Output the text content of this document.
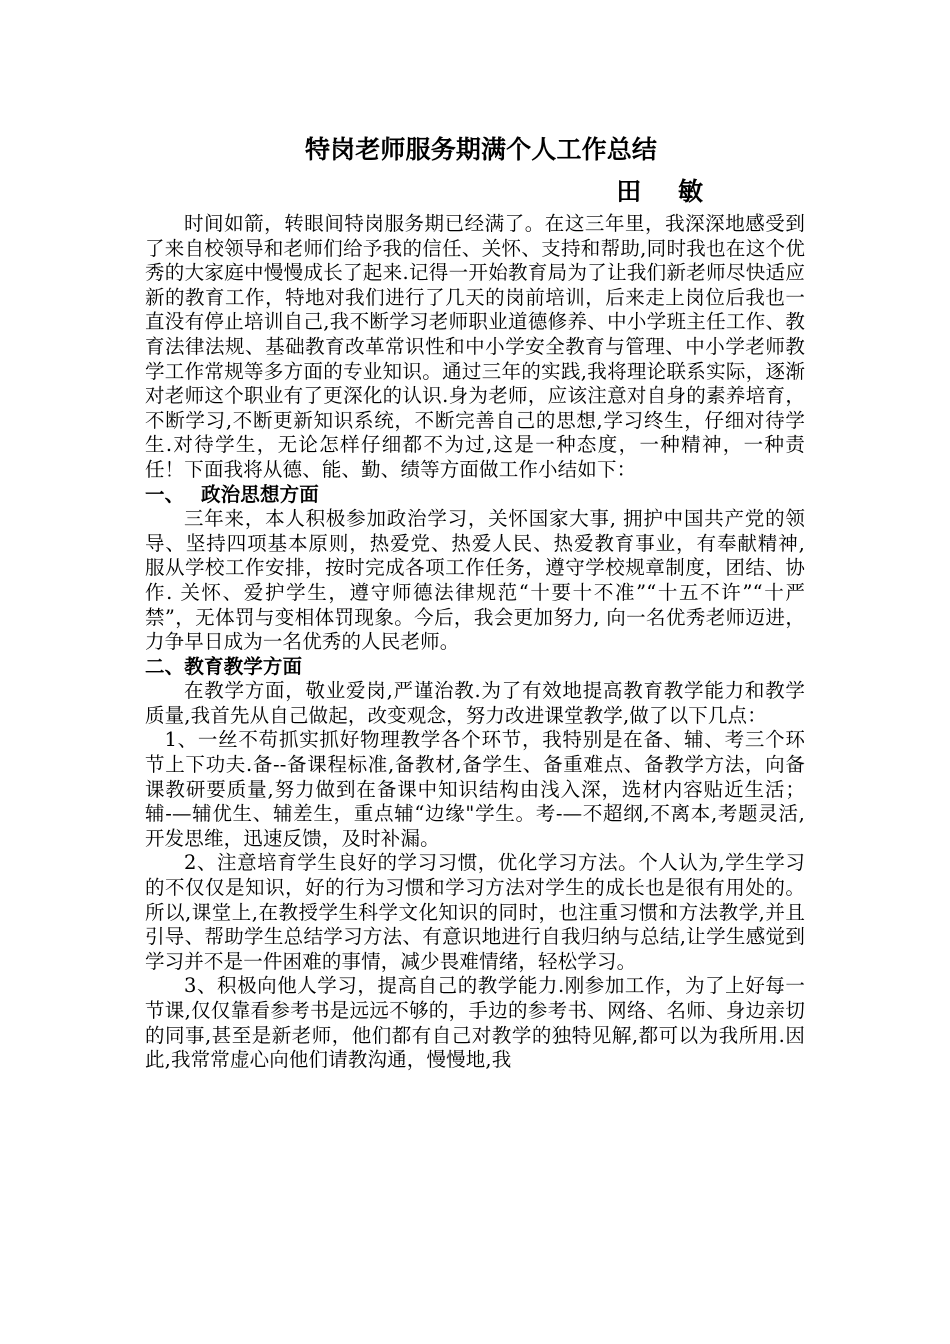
特岗老师服务期满个人工作总结
田 敏

时间如箭，转眼间特岗服务期已经满了。在这三年里，我深深地感受到了来自校领导和老师们给予我的信任、关怀、支持和帮助,同时我也在这个优秀的大家庭中慢慢成长了起来.记得一开始教育局为了让我们新老师尽快适应新的教育工作，特地对我们进行了几天的岗前培训，后来走上岗位后我也一直没有停止培训自己,我不断学习老师职业道德修养、中小学班主任工作、教育法律法规、基础教育改革常识性和中小学安全教育与管理、中小学老师教学工作常规等多方面的专业知识。通过三年的实践,我将理论联系实际，逐渐对老师这个职业有了更深化的认识.身为老师，应该注意对自身的素养培育，不断学习,不断更新知识系统，不断完善自己的思想,学习终生，仔细对待学生.对待学生，无论怎样仔细都不为过,这是一种态度，一种精神，一种责任！下面我将从德、能、勤、绩等方面做工作小结如下：

一、 政治思想方面

三年来，本人积极参加政治学习，关怀国家大事, 拥护中国共产党的领导、坚持四项基本原则，热爱党、热爱人民、热爱教育事业，有奉献精神, 服从学校工作安排，按时完成各项工作任务，遵守学校规章制度，团结、协作. 关怀、爱护学生，遵守师德法律规范“十要十不准”“十五不许”“十严禁”，无体罚与变相体罚现象。今后，我会更加努力, 向一名优秀老师迈进，力争早日成为一名优秀的人民老师。

二、教育教学方面

在教学方面，敬业爱岗,严谨治教.为了有效地提高教育教学能力和教学质量,我首先从自己做起，改变观念，努力改进课堂教学,做了以下几点：

1、一丝不苟抓实抓好物理教学各个环节，我特别是在备、辅、考三个环节上下功夫.备--备课程标准,备教材,备学生、备重难点、备教学方法，向备课教研要质量,努力做到在备课中知识结构由浅入深，选材内容贴近生活；辅-—辅优生、辅差生，重点辅“边缘"学生。考-—不超纲,不离本,考题灵活,开发思维，迅速反馈，及时补漏。

2、注意培育学生良好的学习习惯，优化学习方法。个人认为,学生学习的不仅仅是知识，好的行为习惯和学习方法对学生的成长也是很有用处的。所以,课堂上,在教授学生科学文化知识的同时，也注重习惯和方法教学,并且引导、帮助学生总结学习方法、有意识地进行自我归纳与总结,让学生感觉到学习并不是一件困难的事情，减少畏难情绪，轻松学习。

3、积极向他人学习，提高自己的教学能力.刚参加工作，为了上好每一节课,仅仅靠看参考书是远远不够的，手边的参考书、网络、名师、身边亲切的同事,甚至是新老师，他们都有自己对教学的独特见解,都可以为我所用.因此,我常常虚心向他们请教沟通，慢慢地,我
